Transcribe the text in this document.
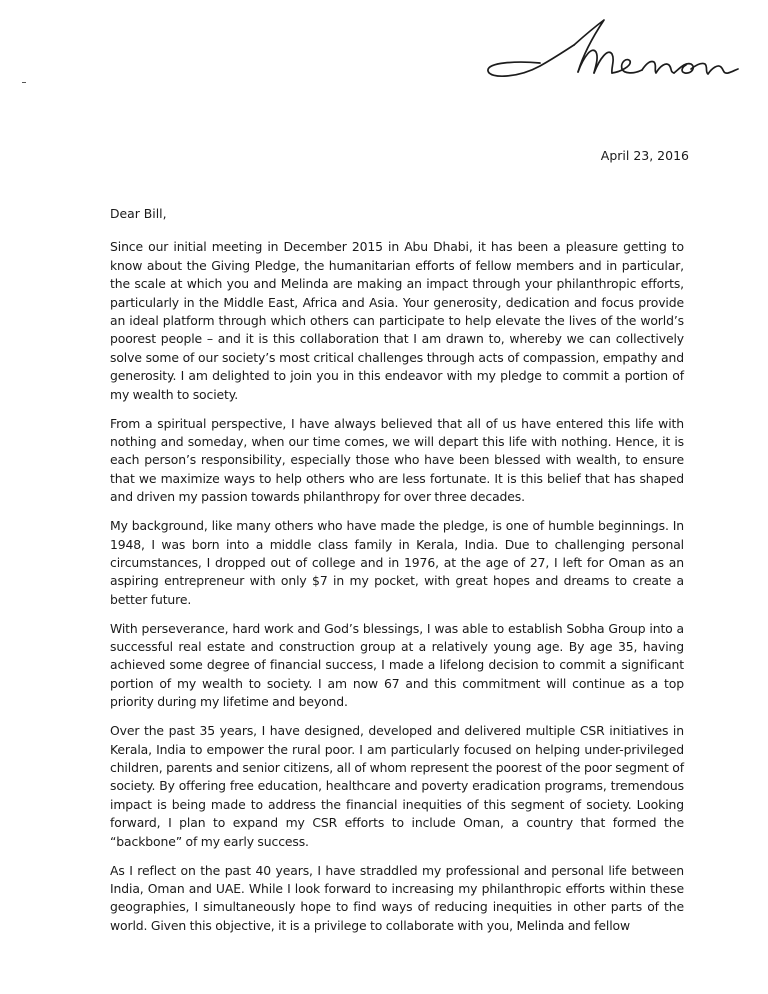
April 23, 2016

Dear Bill,

Since our initial meeting in December 2015 in Abu Dhabi, it has been a pleasure getting to know about the Giving Pledge, the humanitarian efforts of fellow members and in particular, the scale at which you and Melinda are making an impact through your philanthropic efforts, particularly in the Middle East, Africa and Asia. Your generosity, dedication and focus provide an ideal platform through which others can participate to help elevate the lives of the world’s poorest people – and it is this collaboration that I am drawn to, whereby we can collectively solve some of our society’s most critical challenges through acts of compassion, empathy and generosity. I am delighted to join you in this endeavor with my pledge to commit a portion of my wealth to society.

From a spiritual perspective, I have always believed that all of us have entered this life with nothing and someday, when our time comes, we will depart this life with nothing. Hence, it is each person’s responsibility, especially those who have been blessed with wealth, to ensure that we maximize ways to help others who are less fortunate. It is this belief that has shaped and driven my passion towards philanthropy for over three decades.

My background, like many others who have made the pledge, is one of humble beginnings. In 1948, I was born into a middle class family in Kerala, India. Due to challenging personal circumstances, I dropped out of college and in 1976, at the age of 27, I left for Oman as an aspiring entrepreneur with only $7 in my pocket, with great hopes and dreams to create a better future.

With perseverance, hard work and God’s blessings, I was able to establish Sobha Group into a successful real estate and construction group at a relatively young age. By age 35, having achieved some degree of financial success, I made a lifelong decision to commit a significant portion of my wealth to society. I am now 67 and this commitment will continue as a top priority during my lifetime and beyond.

Over the past 35 years, I have designed, developed and delivered multiple CSR initiatives in Kerala, India to empower the rural poor. I am particularly focused on helping under-privileged children, parents and senior citizens, all of whom represent the poorest of the poor segment of society. By offering free education, healthcare and poverty eradication programs, tremendous impact is being made to address the financial inequities of this segment of society. Looking forward, I plan to expand my CSR efforts to include Oman, a country that formed the “backbone” of my early success.

As I reflect on the past 40 years, I have straddled my professional and personal life between India, Oman and UAE. While I look forward to increasing my philanthropic efforts within these geographies, I simultaneously hope to find ways of reducing inequities in other parts of the world. Given this objective, it is a privilege to collaborate with you, Melinda and fellow
